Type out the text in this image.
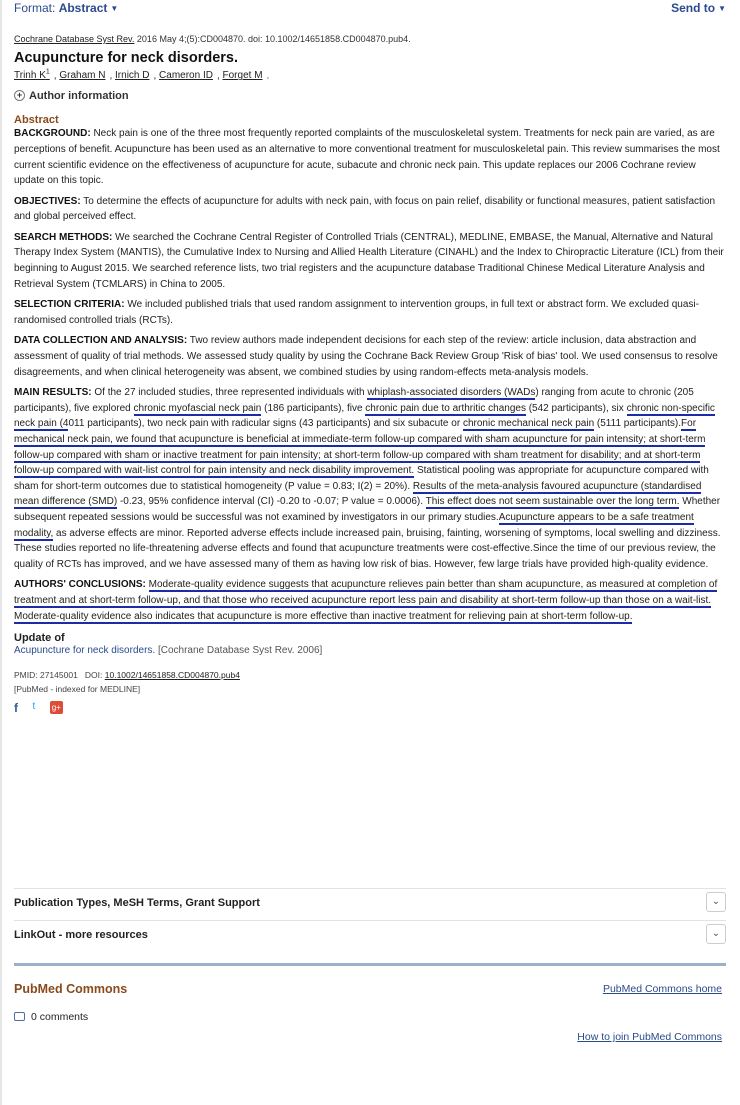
Format: Abstract ▼	Send to ▼
Cochrane Database Syst Rev. 2016 May 4;(5):CD004870. doi: 10.1002/14651858.CD004870.pub4.
Acupuncture for neck disorders.
Trinh K$^1$ , Graham N , Irnich D , Cameron ID , Forget M .
+ Author information
Abstract

BACKGROUND: Neck pain is one of the three most frequently reported complaints of the musculoskeletal system. Treatments for neck pain are varied, as are perceptions of benefit. Acupuncture has been used as an alternative to more conventional treatment for musculoskeletal pain. This review summarises the most current scientific evidence on the effectiveness of acupuncture for acute, subacute and chronic neck pain. This update replaces our 2006 Cochrane review update on this topic.

OBJECTIVES: To determine the effects of acupuncture for adults with neck pain, with focus on pain relief, disability or functional measures, patient satisfaction and global perceived effect.

SEARCH METHODS: We searched the Cochrane Central Register of Controlled Trials (CENTRAL), MEDLINE, EMBASE, the Manual, Alternative and Natural Therapy Index System (MANTIS), the Cumulative Index to Nursing and Allied Health Literature (CINAHL) and the Index to Chiropractic Literature (ICL) from their beginning to August 2015. We searched reference lists, two trial registers and the acupuncture database Traditional Chinese Medical Literature Analysis and Retrieval System (TCMLARS) in China to 2005.

SELECTION CRITERIA: We included published trials that used random assignment to intervention groups, in full text or abstract form. We excluded quasi-randomised controlled trials (RCTs).

DATA COLLECTION AND ANALYSIS: Two review authors made independent decisions for each step of the review: article inclusion, data abstraction and assessment of quality of trial methods. We assessed study quality by using the Cochrane Back Review Group 'Risk of bias' tool. We used consensus to resolve disagreements, and when clinical heterogeneity was absent, we combined studies by using random-effects meta-analysis models.

MAIN RESULTS: Of the 27 included studies, three represented individuals with whiplash-associated disorders (WADs) ranging from acute to chronic (205 participants), five explored chronic myofascial neck pain (186 participants), five chronic pain due to arthritic changes (542 participants), six chronic non-specific neck pain (4011 participants), two neck pain with radicular signs (43 participants) and six subacute or chronic mechanical neck pain (5111 participants).For mechanical neck pain, we found that acupuncture is beneficial at immediate-term follow-up compared with sham acupuncture for pain intensity; at short-term follow-up compared with sham or inactive treatment for pain intensity; at short-term follow-up compared with sham treatment for disability; and at short-term follow-up compared with wait-list control for pain intensity and neck disability improvement. Statistical pooling was appropriate for acupuncture compared with sham for short-term outcomes due to statistical homogeneity (P value = 0.83; I(2) = 20%). Results of the meta-analysis favoured acupuncture (standardised mean difference (SMD) -0.23, 95% confidence interval (CI) -0.20 to -0.07; P value = 0.0006). This effect does not seem sustainable over the long term. Whether subsequent repeated sessions would be successful was not examined by investigators in our primary studies.Acupuncture appears to be a safe treatment modality, as adverse effects are minor. Reported adverse effects include increased pain, bruising, fainting, worsening of symptoms, local swelling and dizziness. These studies reported no life-threatening adverse effects and found that acupuncture treatments were cost-effective.Since the time of our previous review, the quality of RCTs has improved, and we have assessed many of them as having low risk of bias. However, few large trials have provided high-quality evidence.

AUTHORS' CONCLUSIONS: Moderate-quality evidence suggests that acupuncture relieves pain better than sham acupuncture, as measured at completion of treatment and at short-term follow-up, and that those who received acupuncture report less pain and disability at short-term follow-up than those on a wait-list. Moderate-quality evidence also indicates that acupuncture is more effective than inactive treatment for relieving pain at short-term follow-up.

Update of
Acupuncture for neck disorders. [Cochrane Database Syst Rev. 2006]
PMID: 27145001 DOI: 10.1002/14651858.CD004870.pub4
[PubMed - indexed for MEDLINE]
f t g+
Publication Types, MeSH Terms, Grant Support	⌄
LinkOut - more resources	⌄
PubMed Commons	PubMed Commons home
0 comments
How to join PubMed Commons
